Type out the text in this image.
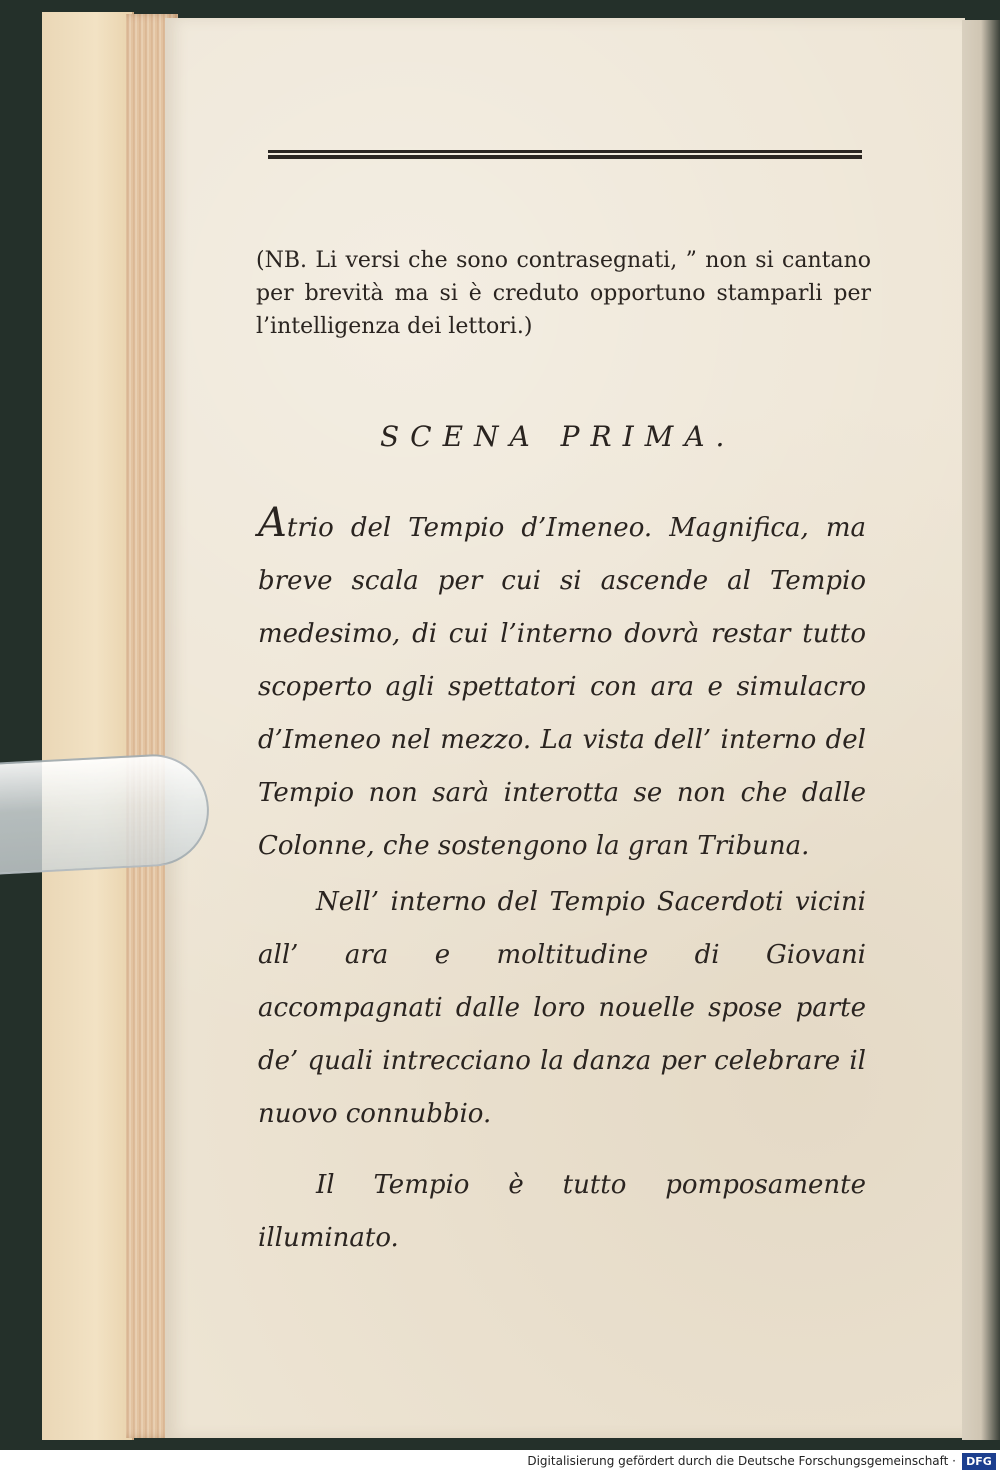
(NB. Li versi che sono contrasegnati, ” non si cantano per brevità ma si è creduto opportuno stamparli per l’intelligenza dei lettori.)
SCENA PRIMA.

Atrio del Tempio d’Imeneo. Magnifica, ma breve scala per cui si ascende al Tempio medesimo, di cui l’interno dovrà restar tutto scoperto agli spettatori con ara e simulacro d’Imeneo nel mezzo. La vista dell’ interno del Tempio non sarà interotta se non che dalle Colonne, che sostengono la gran Tribuna.

Nell’ interno del Tempio Sacerdoti vicini all’ ara e moltitudine di Giovani accompagnati dalle loro nouelle spose parte de’ quali intrecciano la danza per celebrare il nuovo connubbio.

Il Tempio è tutto pomposamente illuminato.

Digitalisierung gefördert durch die Deutsche Forschungsgemeinschaft · DFG
